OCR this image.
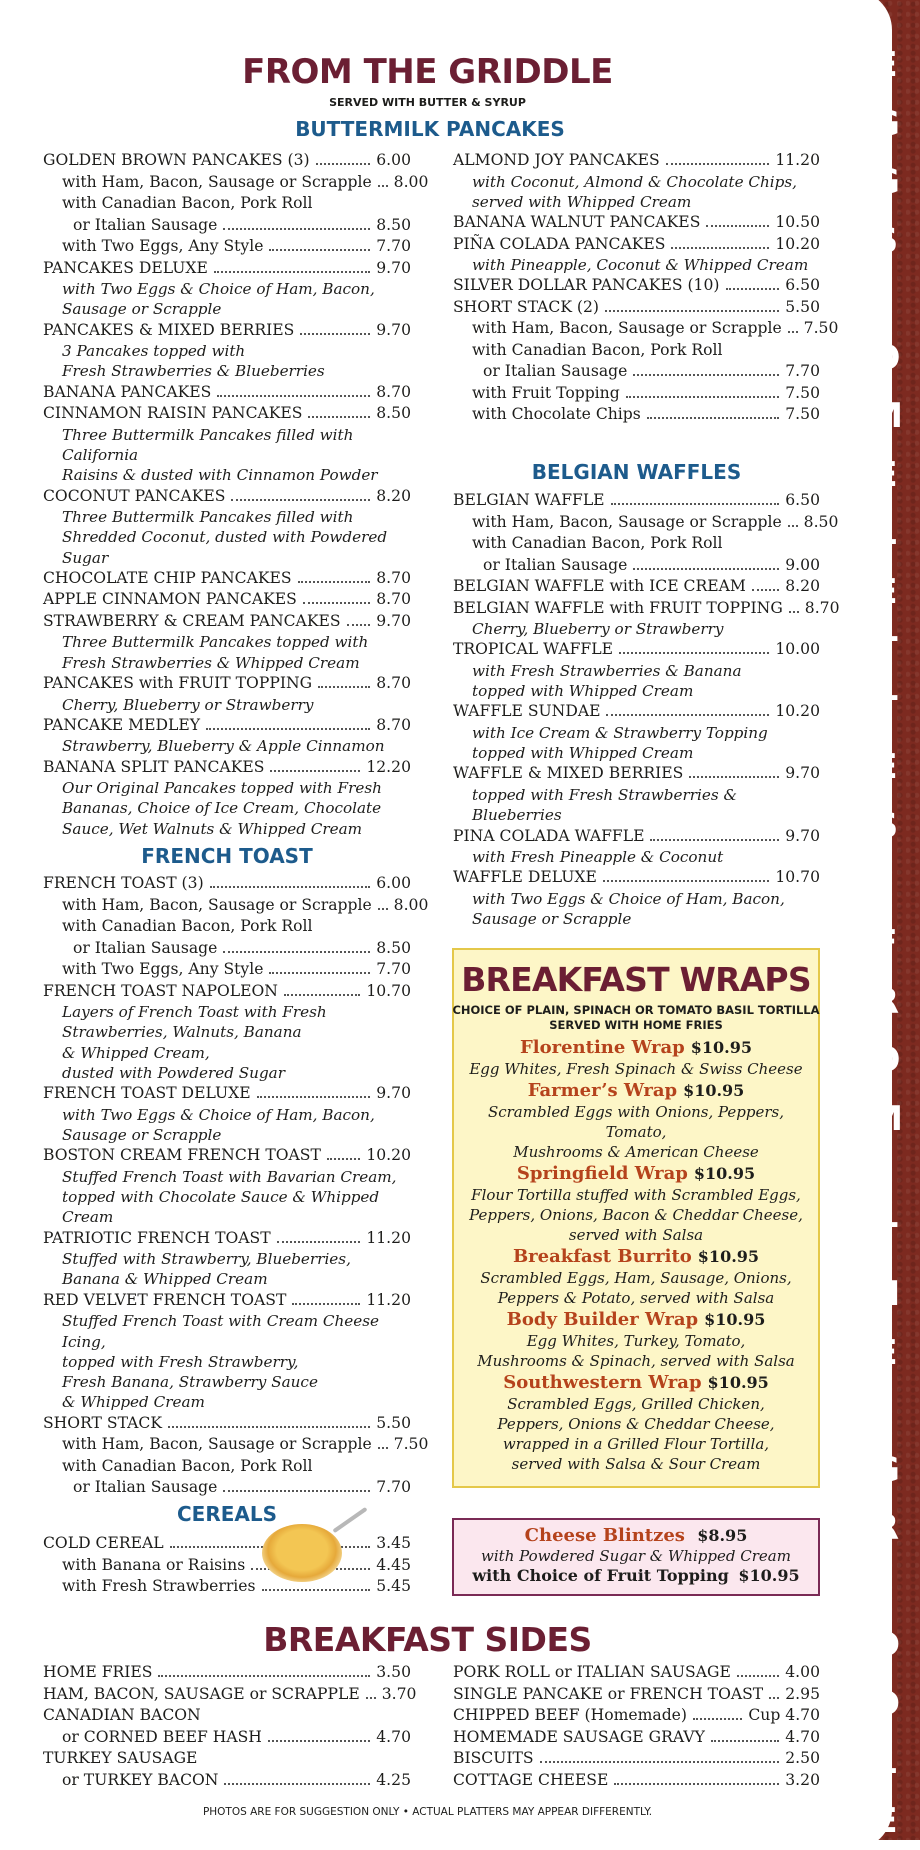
E
G
G
S
.
O
M
E
L
E
T
T
E
S
.
F
R
O
M

T
H
E

G
R
I
D
D
L
E
FROM THE GRIDDLE
SERVED WITH BUTTER & SYRUP
BUTTERMILK PANCAKES
GOLDEN BROWN PANCAKES (3)	6.00
with Ham, Bacon, Sausage or Scrapple 8.00
with Canadian Bacon, Pork Roll
or Italian Sausage	8.50
with Two Eggs, Any Style	7.70
PANCAKES DELUXE	9.70
with Two Eggs & Choice of Ham, Bacon,
Sausage or Scrapple
PANCAKES & MIXED BERRIES	9.70
3 Pancakes topped with
Fresh Strawberries & Blueberries
BANANA PANCAKES	8.70
CINNAMON RAISIN PANCAKES	8.50
Three Buttermilk Pancakes filled with California
Raisins & dusted with Cinnamon Powder
COCONUT PANCAKES	8.20
Three Buttermilk Pancakes filled with
Shredded Coconut, dusted with Powdered Sugar
CHOCOLATE CHIP PANCAKES	8.70
APPLE CINNAMON PANCAKES	8.70
STRAWBERRY & CREAM PANCAKES 9.70
Three Buttermilk Pancakes topped with
Fresh Strawberries & Whipped Cream
PANCAKES with FRUIT TOPPING	8.70
Cherry, Blueberry or Strawberry
PANCAKE MEDLEY	8.70
Strawberry, Blueberry & Apple Cinnamon
BANANA SPLIT PANCAKES	12.20
Our Original Pancakes topped with Fresh
Bananas, Choice of Ice Cream, Chocolate
Sauce, Wet Walnuts & Whipped Cream
ALMOND JOY PANCAKES	11.20
with Coconut, Almond & Chocolate Chips,
served with Whipped Cream
BANANA WALNUT PANCAKES	10.50
PIÑA COLADA PANCAKES	10.20
with Pineapple, Coconut & Whipped Cream
SILVER DOLLAR PANCAKES (10)	6.50
SHORT STACK (2)	5.50
with Ham, Bacon, Sausage or Scrapple 7.50
with Canadian Bacon, Pork Roll
or Italian Sausage	7.70
with Fruit Topping	7.50
with Chocolate Chips	7.50
BELGIAN WAFFLES
BELGIAN WAFFLE	6.50
with Ham, Bacon, Sausage or Scrapple 8.50
with Canadian Bacon, Pork Roll
or Italian Sausage	9.00
BELGIAN WAFFLE with ICE CREAM	8.20
BELGIAN WAFFLE with FRUIT TOPPING 8.70
Cherry, Blueberry or Strawberry
TROPICAL WAFFLE	10.00
with Fresh Strawberries & Banana
topped with Whipped Cream
WAFFLE SUNDAE	10.20
with Ice Cream & Strawberry Topping
topped with Whipped Cream
WAFFLE & MIXED BERRIES	9.70
topped with Fresh Strawberries & Blueberries
PINA COLADA WAFFLE	9.70
with Fresh Pineapple & Coconut
WAFFLE DELUXE	10.70
with Two Eggs & Choice of Ham, Bacon,
Sausage or Scrapple
FRENCH TOAST
FRENCH TOAST (3)	6.00
with Ham, Bacon, Sausage or Scrapple 8.00
with Canadian Bacon, Pork Roll
or Italian Sausage	8.50
with Two Eggs, Any Style	7.70
FRENCH TOAST NAPOLEON	10.70
Layers of French Toast with Fresh
Strawberries, Walnuts, Banana
& Whipped Cream,
dusted with Powdered Sugar
FRENCH TOAST DELUXE	9.70
with Two Eggs & Choice of Ham, Bacon,
Sausage or Scrapple
BOSTON CREAM FRENCH TOAST	10.20
Stuffed French Toast with Bavarian Cream,
topped with Chocolate Sauce & Whipped Cream
PATRIOTIC FRENCH TOAST	11.20
Stuffed with Strawberry, Blueberries,
Banana & Whipped Cream
RED VELVET FRENCH TOAST	11.20
Stuffed French Toast with Cream Cheese Icing,
topped with Fresh Strawberry,
Fresh Banana, Strawberry Sauce
& Whipped Cream
SHORT STACK	5.50
with Ham, Bacon, Sausage or Scrapple 7.50
with Canadian Bacon, Pork Roll
or Italian Sausage	7.70
CEREALS
COLD CEREAL	3.45
with Banana or Raisins	4.45
with Fresh Strawberries	5.45
BREAKFAST WRAPS
CHOICE OF PLAIN, SPINACH OR TOMATO BASIL TORTILLA
SERVED WITH HOME FRIES
Florentine Wrap $10.95
Egg Whites, Fresh Spinach & Swiss Cheese
Farmer’s Wrap $10.95
Scrambled Eggs with Onions, Peppers, Tomato,
Mushrooms & American Cheese
Springfield Wrap $10.95
Flour Tortilla stuffed with Scrambled Eggs,
Peppers, Onions, Bacon & Cheddar Cheese,
served with Salsa
Breakfast Burrito $10.95
Scrambled Eggs, Ham, Sausage, Onions,
Peppers & Potato, served with Salsa
Body Builder Wrap $10.95
Egg Whites, Turkey, Tomato,
Mushrooms & Spinach, served with Salsa
Southwestern Wrap $10.95
Scrambled Eggs, Grilled Chicken,
Peppers, Onions & Cheddar Cheese,
wrapped in a Grilled Flour Tortilla,
served with Salsa & Sour Cream
Cheese Blintzes $8.95
with Powdered Sugar & Whipped Cream
with Choice of Fruit Topping $10.95
BREAKFAST SIDES
HOME FRIES	3.50
HAM, BACON, SAUSAGE or SCRAPPLE 3.70
CANADIAN BACON
or CORNED BEEF HASH	4.70
TURKEY SAUSAGE
or TURKEY BACON	4.25
PORK ROLL or ITALIAN SAUSAGE	4.00
SINGLE PANCAKE or FRENCH TOAST 2.95
CHIPPED BEEF (Homemade)	Cup 4.70
HOMEMADE SAUSAGE GRAVY	4.70
BISCUITS	2.50
COTTAGE CHEESE	3.20
PHOTOS ARE FOR SUGGESTION ONLY • ACTUAL PLATTERS MAY APPEAR DIFFERENTLY.
